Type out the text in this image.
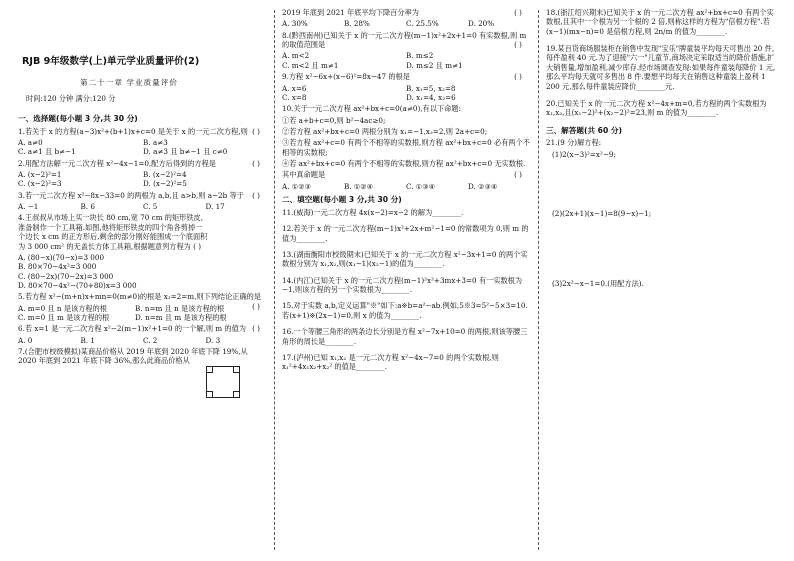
RJB 9年级数学(上)单元学业质量评价(2)
第二十一章 学业质量评价
时间:120 分钟 满分:120 分
一、选择题(每小题 3 分,共 30 分)
1.若关于 x 的方程(a−3)x²+(b+1)x+c=0 是关于 x 的一元二次方程,则 ( )
A. a≠0	B. a≠3
C. a≠1 且 b≠−1	D. a≠3 且 b≠−1 且 c≠0
2.用配方法解一元二次方程 x²−4x−1=0,配方后得到的方程是	( )
A. (x−2)²=1	B. (x−2)²=4
C. (x−2)²=3	D. (x−2)²=5
3.若一元二次方程 x²−8x−33=0 的两根为 a,b,且 a>b,则 a−2b 等于 ( )
A. −1	B. 6	C. 5	D. 17
4.王叔叔从市场上买一块长 80 cm,宽 70 cm 的矩形铁皮,准备制作一个工具箱.如图,他将矩形铁皮的四个角各剪掉一个边长 x cm 的正方形后,剩余的部分刚好能围成一个底面积为 3 000 cm² 的无盖长方体工具箱,根据题意列方程为 ( )
A. (80−x)(70−x)=3 000
B. 80×70−4x²=3 000
C. (80−2x)(70−2x)=3 000
D. 80×70−4x²−(70+80)x=3 000
5.若方程 x²−(m+n)x+mn=0(m≠0)的根是 x₁=2=m,则下列结论正确的是
( )
A. m=0 且 n 是该方程的根	B. n=m 且 n 是该方程的根
C. m=0 且 m 是该方程的根	D. n=m 且 m 是该方程的根
6.若 x=1 是一元二次方程 x²−2(m−1)x²+1=0 的一个解,则 m 的值为 ( )
A. 0	B. 1	C. 2	D. 3
7.(合肥市校级模拟)某商品价格从 2019 年底到 2020 年底下降 19%,从 2020 年底到 2021 年底下降 36%,那么此商品价格从
2019 年底到 2021 年底平均下降百分率为	( )
A. 30%	B. 28%	C. 25.5%	D. 20%
8.(黔西南州)已知关于 x 的一元二次方程(m−1)x²+2x+1=0 有实数根,则 m 的取值范围是	( )
A. m<2	B. m≤2
C. m<2 且 m≠1	D. m≤2 且 m≠1
9.方程 x²−6x+(x−6)²=8x−47 的根是	( )
A. x=6	B. x₁=5, x₂=8
C. x=8	D. x₁=4, x₂=6
10.关于一元二次方程 ax²+bx+c=0(a≠0),有以下命题:
①若 a+b+c=0,则 b²−4ac≥0;
②若方程 ax²+bx+c=0 两根分别为 x₁=−1,x₂=2,则 2a+c=0;
③若方程 ax²+c=0 有两个不相等的实数根,则方程 ax²+bx+c=0 必有两个不相等的实数根;
④若 ax²+bx+c=0 有两个不相等的实数根,则方程 ax²+bx+c=0 无实数根.
其中真命题是	( )
A. ①②③	B. ①②④	C. ①③④	D. ②③④
二、填空题(每小题 3 分,共 30 分)
11.(威海)一元二次方程 4x(x−2)=x−2 的解为________.
12.若关于 x 的一元二次方程(m−1)x²+2x+m²−1=0 的常数项为 0,则 m 的值为________.
13.(湖南衡阳市校级期末)已知关于 x 的一元二次方程 x²−3x+1=0 的两个实数根分别为 x₁,x₂,则(x₁−1)(x₂−1)的值为________.
14.(内江)已知关于 x 的一元二次方程(m−1)²x²+3mx+3=0 有一实数根为−1,则该方程的另一个实数根为________.
15.对于实数 a,b,定义运算"※"如下:a※b=a²−ab.例如,5※3=5²−5×3=10.若(x+1)※(2x−1)=0,则 x 的值为________.
16.一个等腰三角形的两条边长分别是方程 x²−7x+10=0 的两根,则该等腰三角形的周长是________.
17.(泸州)已知 x₁,x₂ 是一元二次方程 x²−4x−7=0 的两个实数根,则 x₁²+4x₁x₂+x₂² 的值是________.
18.(浙江绍兴期末)已知关于 x 的一元二次方程 ax²+bx+c=0 有两个实数根,且其中一个根为另一个根的 2 倍,则称这样的方程为"倍根方程".若(x−1)(mx−n)=0 是倍根方程,则 2n/m 的值为________.
19.某百货商场服装柜在销售中发现"宝乐"牌童装平均每天可售出 20 件,每件盈利 40 元.为了迎接"六一"儿童节,商场决定采取适当的降价措施,扩大销售量,增加盈利,减少库存.经市场调查发现:如果每件童装每降价 1 元,那么平均每天就可多售出 8 件.要想平均每天在销售这种童装上盈利 1 200 元,那么每件童装应降价________元.
20.已知关于 x 的一元二次方程 x²−4x+m=0,若方程的两个实数根为 x₁,x₂,且(x₁−2)²+(x₂−2)²=23,则 m 的值为________.
三、解答题(共 60 分)
21.(9 分)解方程:
(1)2(x−3)²=x²−9;
(2)(2x+1)(x−1)=8(9−x)−1;
(3)2x²−x−1=0.(用配方法).
